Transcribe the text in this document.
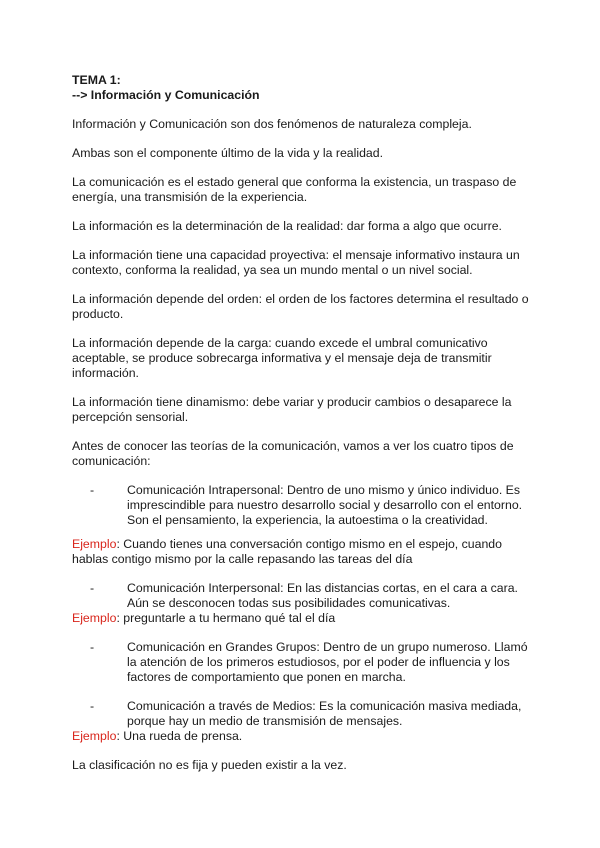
TEMA 1:

--> Información y Comunicación

Información y Comunicación son dos fenómenos de naturaleza compleja.

Ambas son el componente último de la vida y la realidad.

La comunicación es el estado general que conforma la existencia, un traspaso de energía, una transmisión de la experiencia.

La información es la determinación de la realidad: dar forma a algo que ocurre.

La información tiene una capacidad proyectiva: el mensaje informativo instaura un contexto, conforma la realidad, ya sea un mundo mental o un nivel social.

La información depende del orden: el orden de los factores determina el resultado o producto.

La información depende de la carga: cuando excede el umbral comunicativo aceptable, se produce sobrecarga informativa y el mensaje deja de transmitir información.

La información tiene dinamismo: debe variar y producir cambios o desaparece la percepción sensorial.

Antes de conocer las teorías de la comunicación, vamos a ver los cuatro tipos de comunicación:

-	Comunicación Intrapersonal: Dentro de uno mismo y único individuo. Es imprescindible para nuestro desarrollo social y desarrollo con el entorno. Son el pensamiento, la experiencia, la autoestima o la creatividad.

Ejemplo: Cuando tienes una conversación contigo mismo en el espejo, cuando hablas contigo mismo por la calle repasando las tareas del día

-	Comunicación Interpersonal: En las distancias cortas, en el cara a cara. Aún se desconocen todas sus posibilidades comunicativas.

Ejemplo: preguntarle a tu hermano qué tal el día

-	Comunicación en Grandes Grupos: Dentro de un grupo numeroso. Llamó la atención de los primeros estudiosos, por el poder de influencia y los factores de comportamiento que ponen en marcha.
-	Comunicación a través de Medios: Es la comunicación masiva mediada, porque hay un medio de transmisión de mensajes.

Ejemplo: Una rueda de prensa.

La clasificación no es fija y pueden existir a la vez.
